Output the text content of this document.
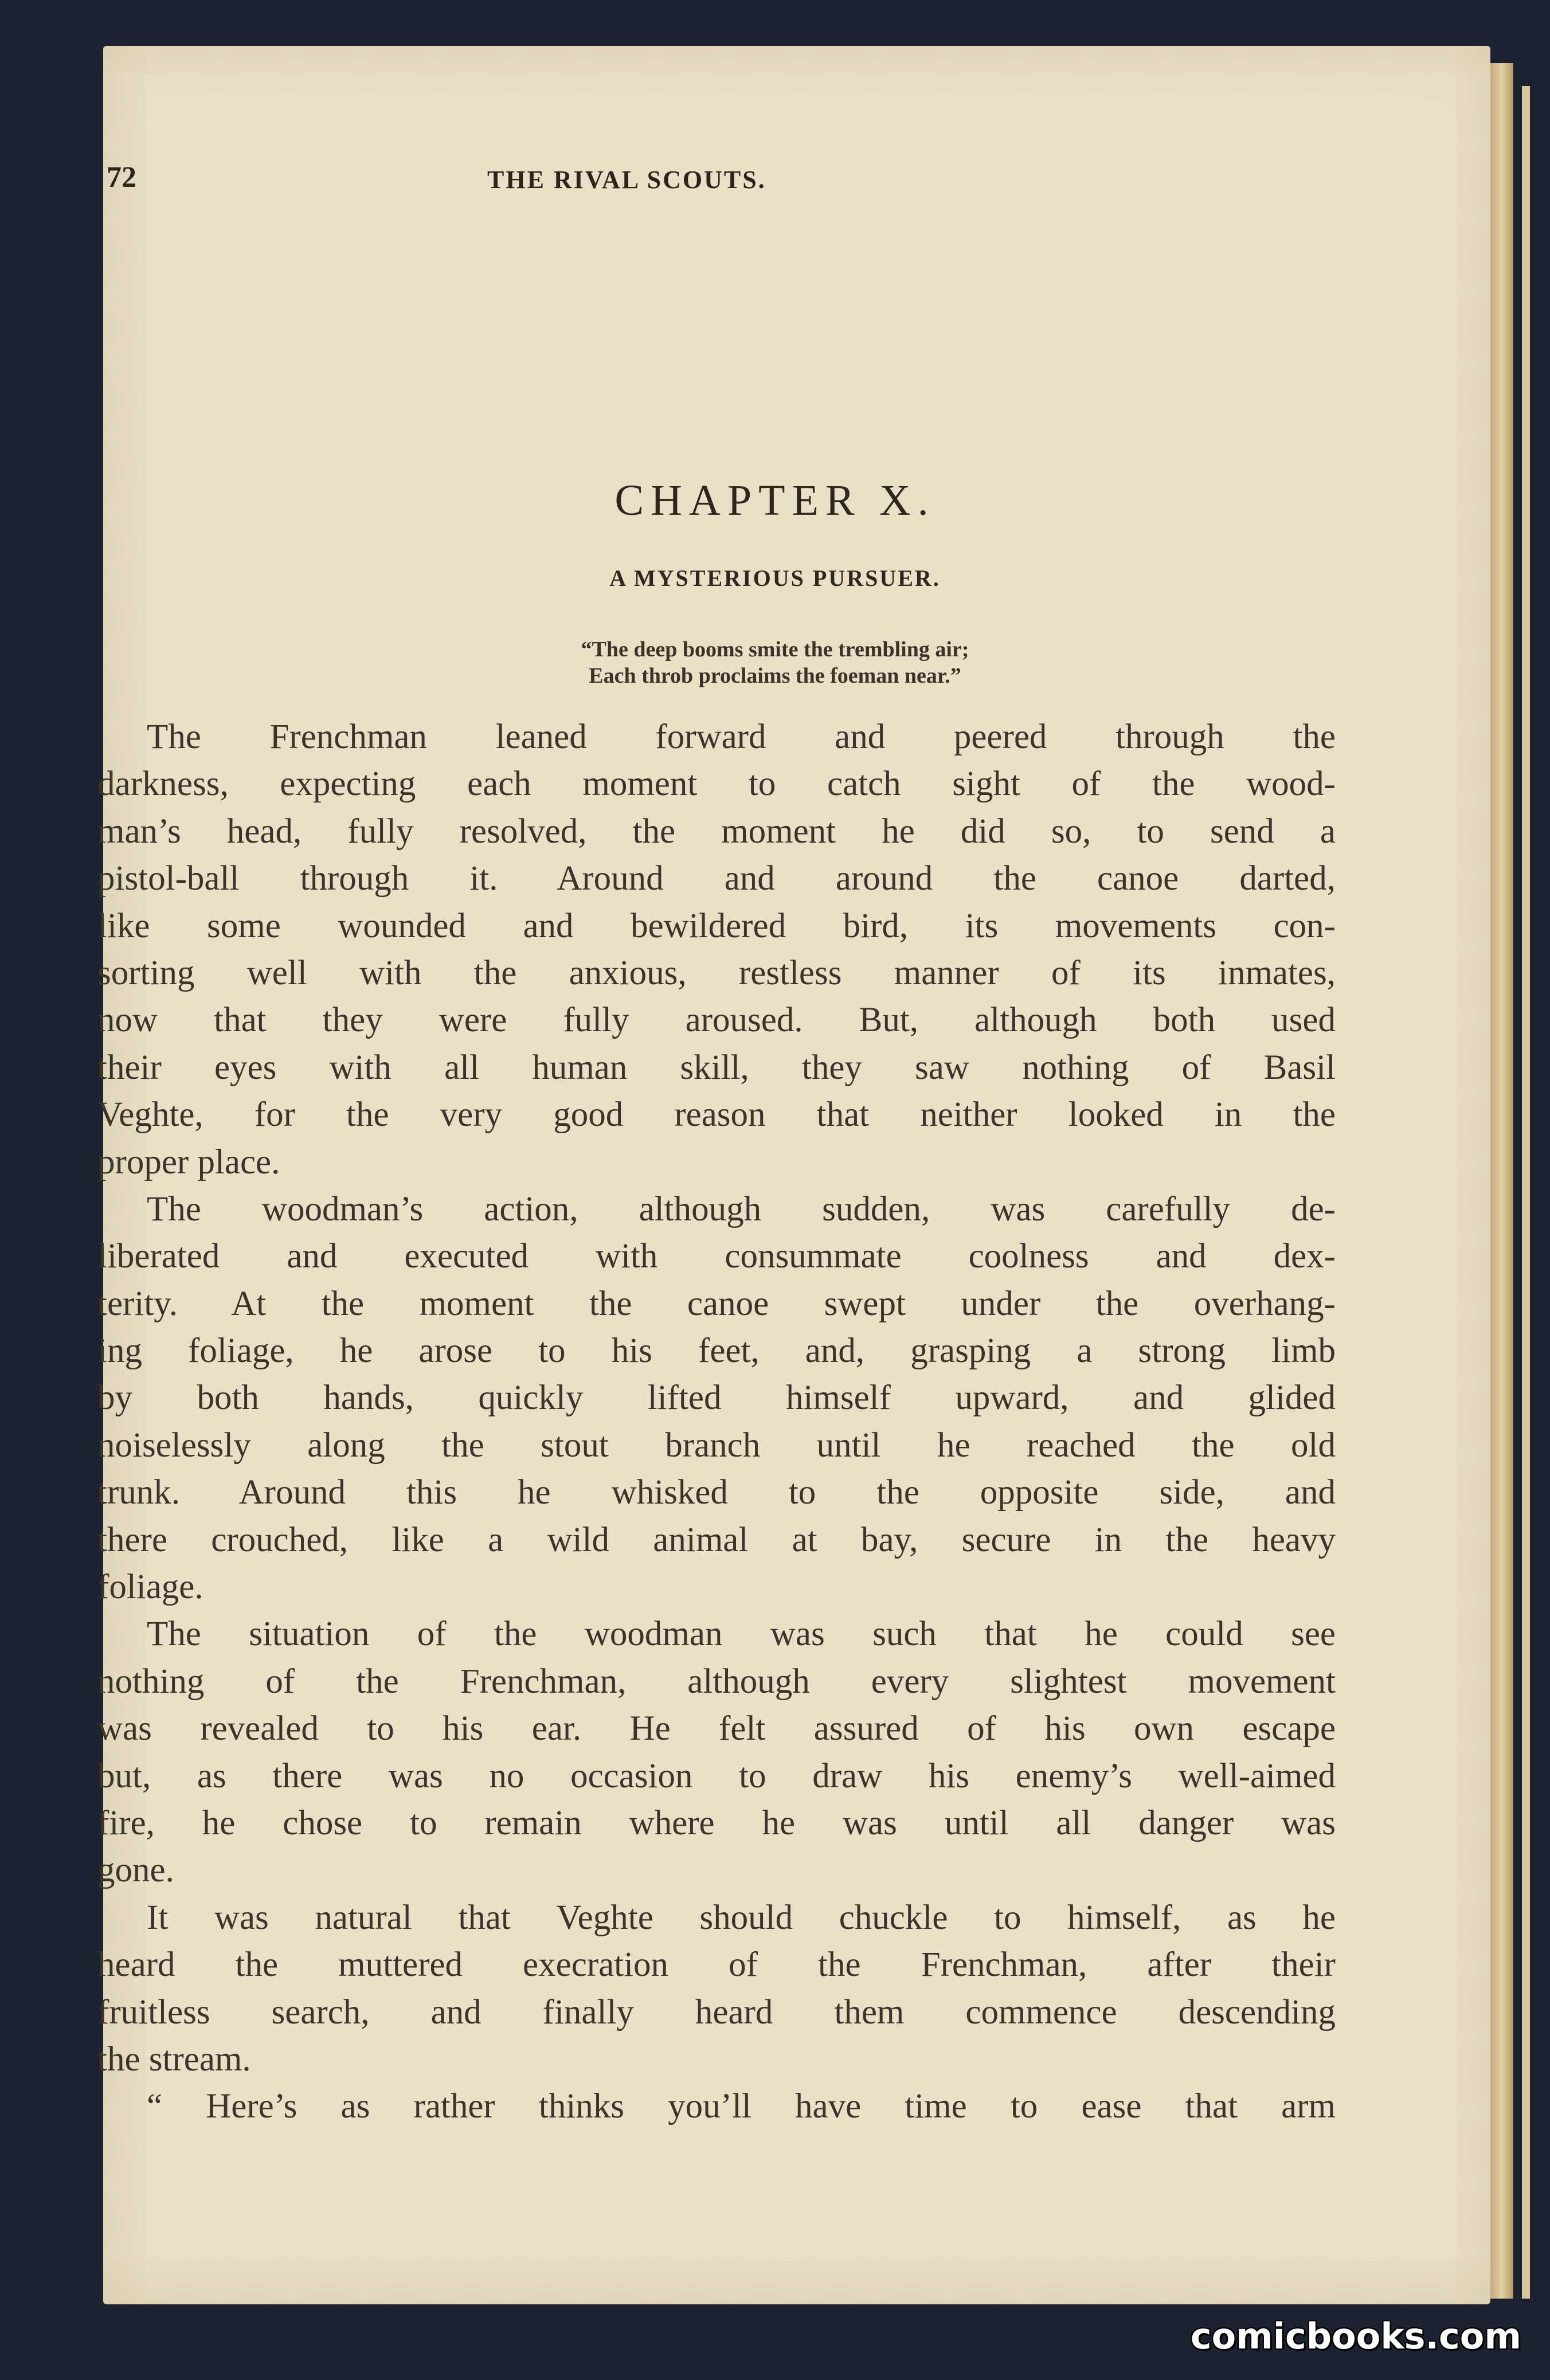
72	THE RIVAL SCOUTS.
CHAPTER X.
A MYSTERIOUS PURSUER.
“The deep booms smite the trembling air;
Each throb proclaims the foeman near.”
The Frenchman leaned forward and peered through the
darkness, expecting each moment to catch sight of the wood-
man’s head, fully resolved, the moment he did so, to send a
pistol-ball through it. Around and around the canoe darted,
like some wounded and bewildered bird, its movements con-
sorting well with the anxious, restless manner of its inmates,
now that they were fully aroused. But, although both used
their eyes with all human skill, they saw nothing of Basil
Veghte, for the very good reason that neither looked in the
proper place.
The woodman’s action, although sudden, was carefully de-
liberated and executed with consummate coolness and dex-
terity. At the moment the canoe swept under the overhang-
ing foliage, he arose to his feet, and, grasping a strong limb
by both hands, quickly lifted himself upward, and glided
noiselessly along the stout branch until he reached the old
trunk. Around this he whisked to the opposite side, and
there crouched, like a wild animal at bay, secure in the heavy
foliage.
The situation of the woodman was such that he could see
nothing of the Frenchman, although every slightest movement
was revealed to his ear. He felt assured of his own escape
but, as there was no occasion to draw his enemy’s well-aimed
fire, he chose to remain where he was until all danger was
gone.
It was natural that Veghte should chuckle to himself, as he
heard the muttered execration of the Frenchman, after their
fruitless search, and finally heard them commence descending
the stream.
“ Here’s as rather thinks you’ll have time to ease that arm
comicbooks.com
